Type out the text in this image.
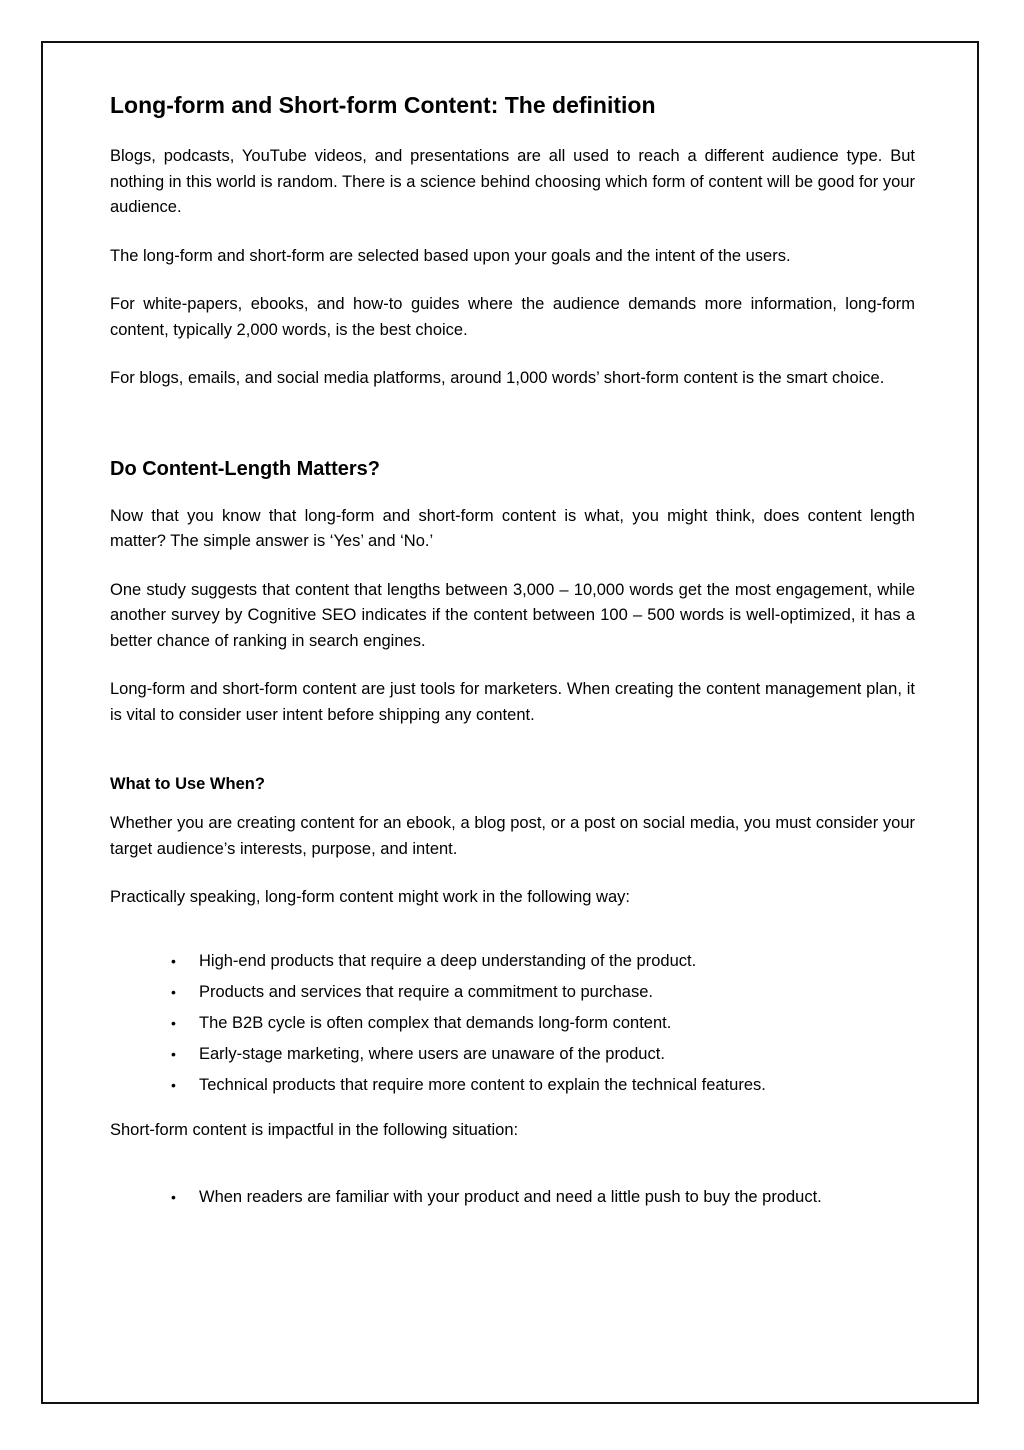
Long-form and Short-form Content: The definition

Blogs, podcasts, YouTube videos, and presentations are all used to reach a different audience type. But nothing in this world is random. There is a science behind choosing which form of content will be good for your audience.

The long-form and short-form are selected based upon your goals and the intent of the users.

For white-papers, ebooks, and how-to guides where the audience demands more information, long-form content, typically 2,000 words, is the best choice.

For blogs, emails, and social media platforms, around 1,000 words’ short-form content is the smart choice.

Do Content-Length Matters?

Now that you know that long-form and short-form content is what, you might think, does content length matter? The simple answer is ‘Yes’ and ‘No.’

One study suggests that content that lengths between 3,000 – 10,000 words get the most engagement, while another survey by Cognitive SEO indicates if the content between 100 – 500 words is well-optimized, it has a better chance of ranking in search engines.

Long-form and short-form content are just tools for marketers. When creating the content management plan, it is vital to consider user intent before shipping any content.

What to Use When?

Whether you are creating content for an ebook, a blog post, or a post on social media, you must consider your target audience’s interests, purpose, and intent.

Practically speaking, long-form content might work in the following way:

• High-end products that require a deep understanding of the product.
• Products and services that require a commitment to purchase.
• The B2B cycle is often complex that demands long-form content.
• Early-stage marketing, where users are unaware of the product.
• Technical products that require more content to explain the technical features.

Short-form content is impactful in the following situation:

• When readers are familiar with your product and need a little push to buy the product.
